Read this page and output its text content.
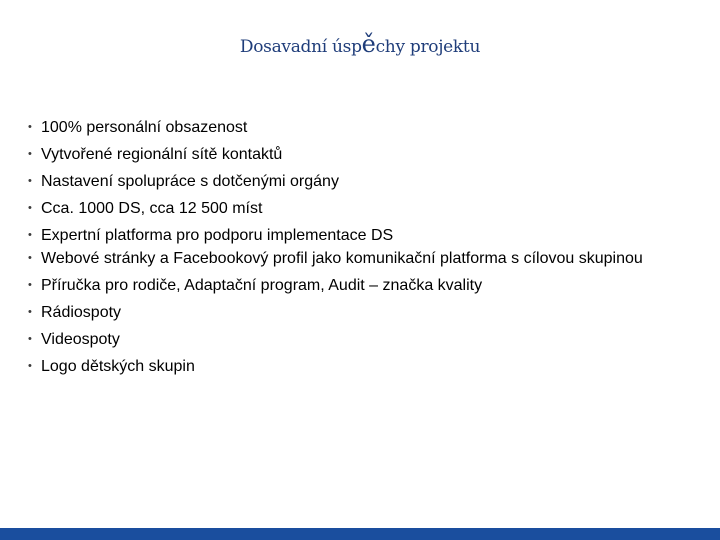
Dosavadní úspěchy projektu
• 100% personální obsazenost
• Vytvořené regionální sítě kontaktů
• Nastavení spolupráce s dotčenými orgány
• Cca. 1000 DS, cca 12 500 míst
• Expertní platforma pro podporu implementace DS
• Webové stránky a Facebookový profil jako komunikační platforma s cílovou skupinou
• Příručka pro rodiče, Adaptační program, Audit – značka kvality
• Rádiospoty
• Videospoty
• Logo dětských skupin
